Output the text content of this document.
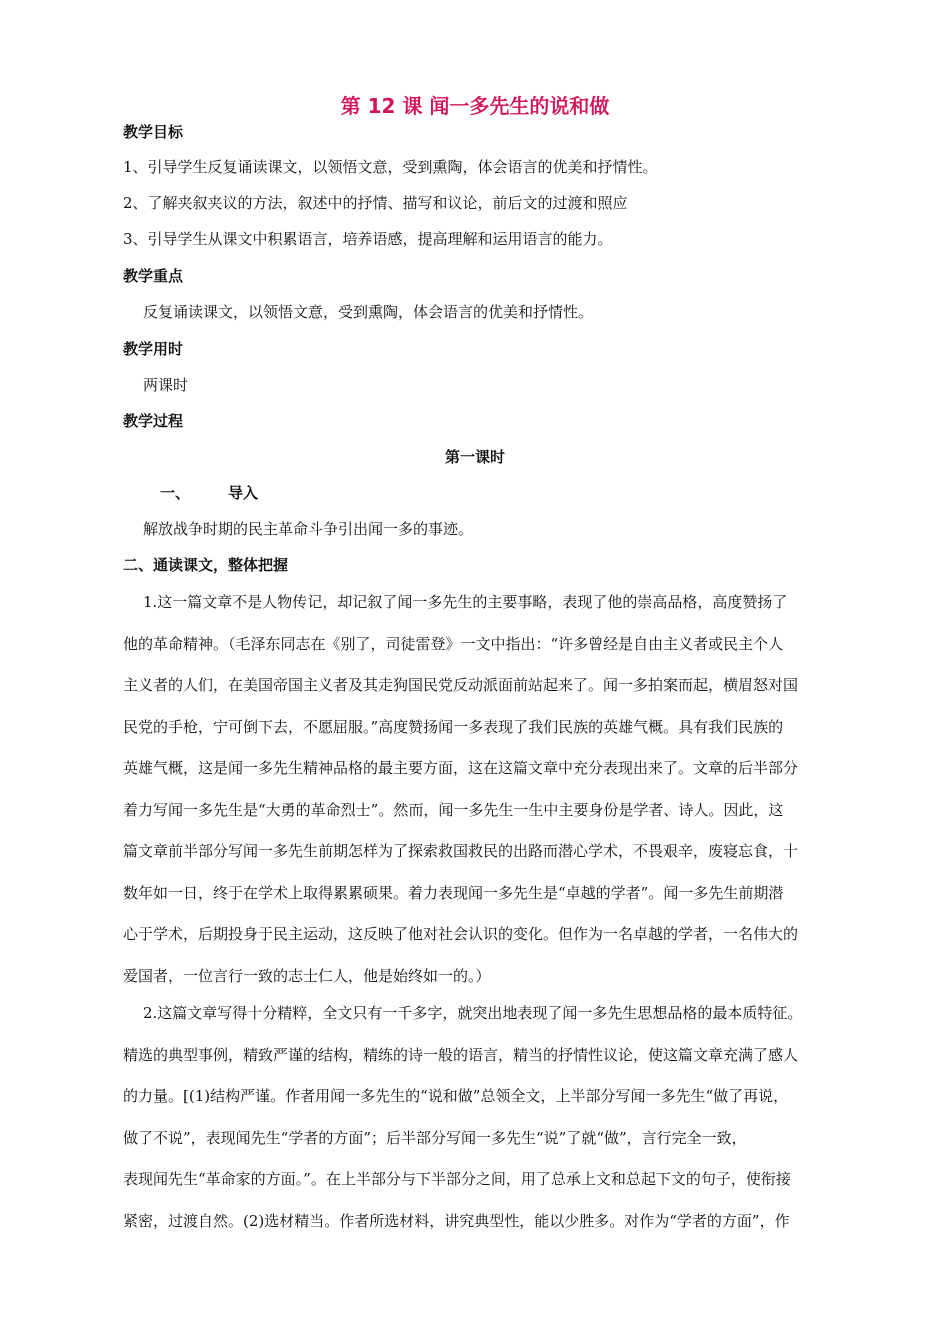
第 12 课 闻一多先生的说和做
教学目标
1、引导学生反复诵读课文，以领悟文意，受到熏陶，体会语言的优美和抒情性。
2、了解夹叙夹议的方法，叙述中的抒情、描写和议论，前后文的过渡和照应
3、引导学生从课文中积累语言，培养语感，提高理解和运用语言的能力。
教学重点
反复诵读课文，以领悟文意，受到熏陶，体会语言的优美和抒情性。
教学用时
两课时
教学过程
第一课时
一、	导入
解放战争时期的民主革命斗争引出闻一多的事迹。
二、通读课文，整体把握

1.这一篇文章不是人物传记，却记叙了闻一多先生的主要事略，表现了他的崇高品格，高度赞扬了

他的革命精神。（毛泽东同志在《别了，司徒雷登》一文中指出：“许多曾经是自由主义者或民主个人

主义者的人们，在美国帝国主义者及其走狗国民党反动派面前站起来了。闻一多拍案而起，横眉怒对国

民党的手枪，宁可倒下去，不愿屈服。”高度赞扬闻一多表现了我们民族的英雄气概。具有我们民族的

英雄气概，这是闻一多先生精神品格的最主要方面，这在这篇文章中充分表现出来了。文章的后半部分

着力写闻一多先生是“大勇的革命烈士”。然而，闻一多先生一生中主要身份是学者、诗人。因此，这

篇文章前半部分写闻一多先生前期怎样为了探索救国救民的出路而潜心学术，不畏艰辛，废寝忘食，十

数年如一日，终于在学术上取得累累硕果。着力表现闻一多先生是“卓越的学者”。闻一多先生前期潜

心于学术，后期投身于民主运动，这反映了他对社会认识的变化。但作为一名卓越的学者，一名伟大的

爱国者，一位言行一致的志士仁人，他是始终如一的。）

2.这篇文章写得十分精粹，全文只有一千多字，就突出地表现了闻一多先生思想品格的最本质特征。

精选的典型事例，精致严谨的结构，精练的诗一般的语言，精当的抒情性议论，使这篇文章充满了感人

的力量。[(1)结构严谨。作者用闻一多先生的“说和做”总领全文，上半部分写闻一多先生“做了再说，

做了不说”，表现闻先生“学者的方面”；后半部分写闻一多先生“说”了就“做”，言行完全一致，

表现闻先生“革命家的方面。”。在上半部分与下半部分之间，用了总承上文和总起下文的句子，使衔接

紧密，过渡自然。(2)选材精当。作者所选材料，讲究典型性，能以少胜多。对作为“学者的方面”，作
